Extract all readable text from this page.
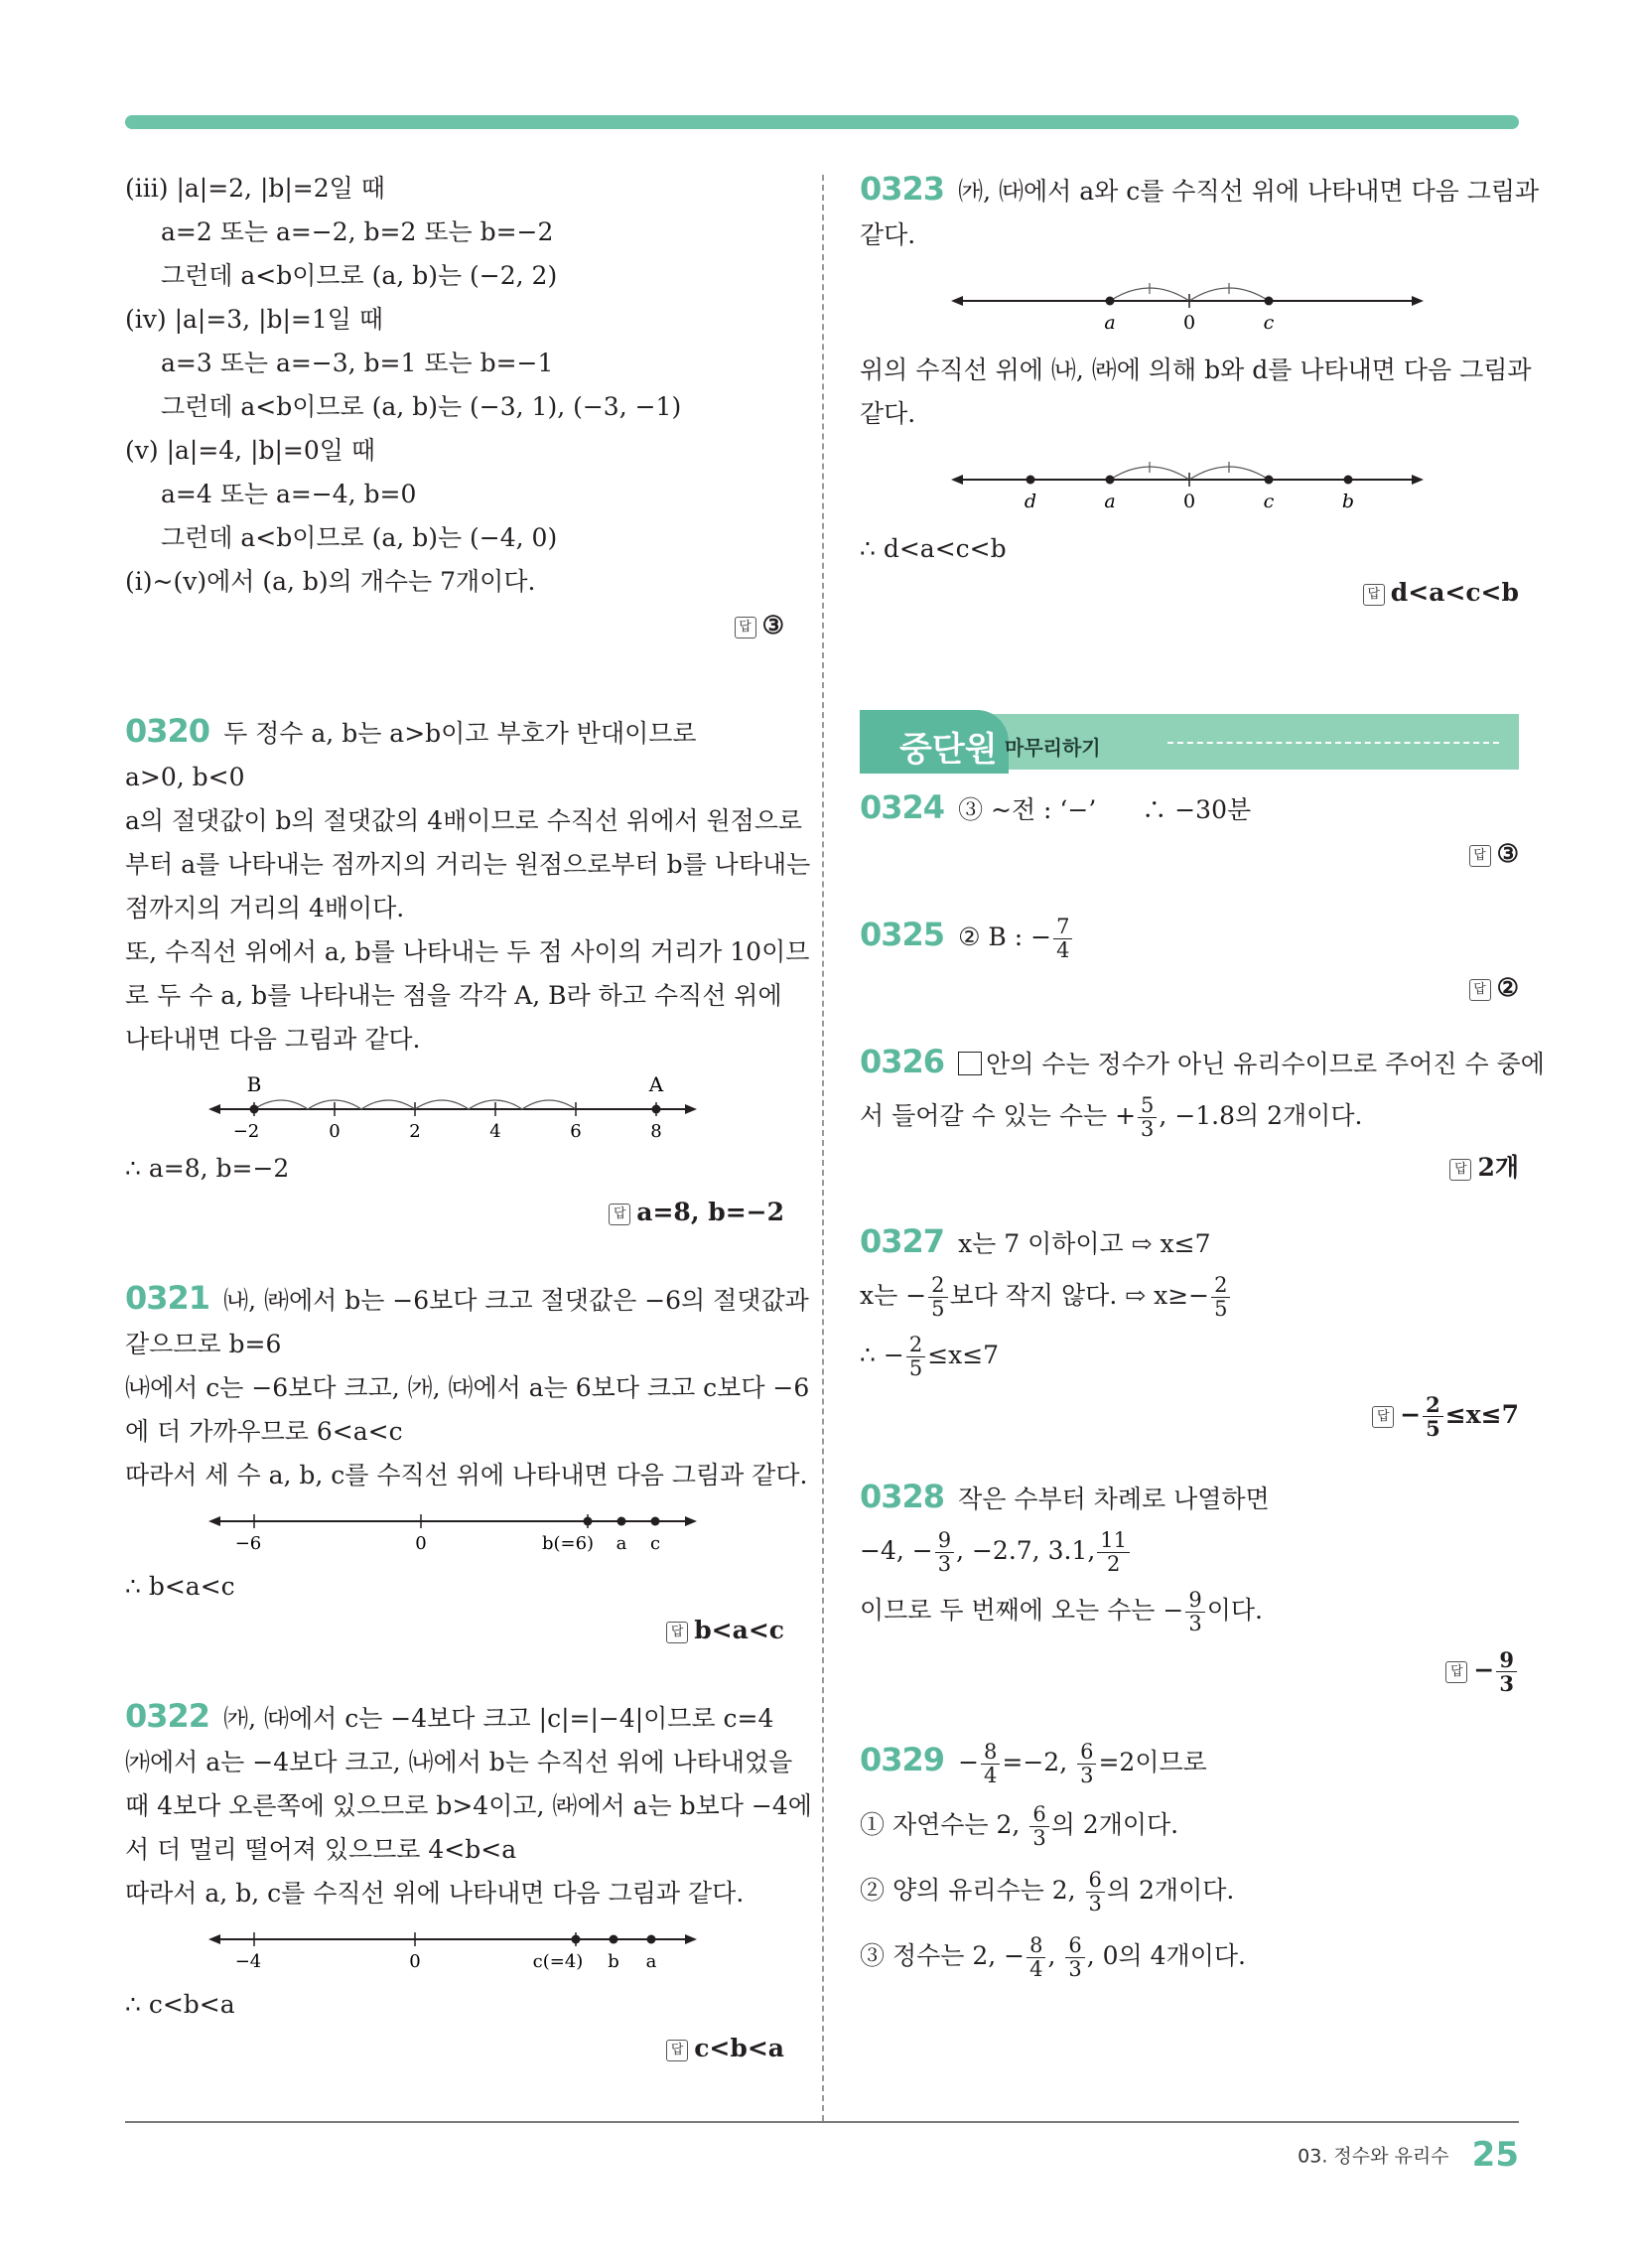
(iii) |a|=2, |b|=2일 때
a=2 또는 a=−2, b=2 또는 b=−2
그런데 a<b이므로 (a, b)는 (−2, 2)
(iv) |a|=3, |b|=1일 때
a=3 또는 a=−3, b=1 또는 b=−1
그런데 a<b이므로 (a, b)는 (−3, 1), (−3, −1)
(v) |a|=4, |b|=0일 때
a=4 또는 a=−4, b=0
그런데 a<b이므로 (a, b)는 (−4, 0)
(i)~(v)에서 (a, b)의 개수는 7개이다.
답 ③
0320 두 정수 a, b는 a>b이고 부호가 반대이므로
a>0, b<0
a의 절댓값이 b의 절댓값의 4배이므로 수직선 위에서 원점으로
부터 a를 나타내는 점까지의 거리는 원점으로부터 b를 나타내는
점까지의 거리의 4배이다.
또, 수직선 위에서 a, b를 나타내는 두 점 사이의 거리가 10이므
로 두 수 a, b를 나타내는 점을 각각 A, B라 하고 수직선 위에
나타내면 다음 그림과 같다.
B	A
−2	0	2	4	6	8
∴ a=8, b=−2
답 a=8, b=−2
0321 ㈏, ㈑에서 b는 −6보다 크고 절댓값은 −6의 절댓값과
같으므로 b=6
㈏에서 c는 −6보다 크고, ㈎, ㈐에서 a는 6보다 크고 c보다 −6
에 더 가까우므로 6<a<c
따라서 세 수 a, b, c를 수직선 위에 나타내면 다음 그림과 같다.
−6	0	b(=6) a c
∴ b<a<c
답 b<a<c
0322 ㈎, ㈐에서 c는 −4보다 크고 |c|=|−4|이므로 c=4
㈎에서 a는 −4보다 크고, ㈏에서 b는 수직선 위에 나타내었을
때 4보다 오른쪽에 있으므로 b>4이고, ㈑에서 a는 b보다 −4에
서 더 멀리 떨어져 있으므로 4<b<a
따라서 a, b, c를 수직선 위에 나타내면 다음 그림과 같다.
−4	0	c(=4) b a
∴ c<b<a
답 c<b<a
0323 ㈎, ㈐에서 a와 c를 수직선 위에 나타내면 다음 그림과
같다.
a	0	c
위의 수직선 위에 ㈏, ㈑에 의해 b와 d를 나타내면 다음 그림과
같다.
d	a	0	c	b
∴ d<a<c<b
답 d<a<c<b
중단원 마무리하기
0324 ③ ~전 : ‘−’ ∴ −30분
답 ③
0325 ② B : − $\frac{7}{4}$
답 ②
0326 안의 수는 정수가 아닌 유리수이므로 주어진 수 중에
서 들어갈 수 있는 수는 + $\frac{5}{3}$ , −1.8의 2개이다.
답 2개
0327 x는 7 이하이고 ⇨ x≤7
x는 − $\frac{2}{5}$ 보다 작지 않다. ⇨ $x\ge- \frac{2}{5}$
∴ − $\frac{2}{5} \le x\le 7$
답 − $\frac{2}{5} \le x\le 7$
0328 작은 수부터 차례로 나열하면
−4, − $\frac{9}{3}$ , −2.7, 3.1, $\frac{11}{2}$
이므로 두 번째에 오는 수는 − $\frac{9}{3}$ 이다.
답 − $\frac{9}{3}$
$0329 - \frac{8}{4} =-2$, $\frac{6}{3} =2$이므로
① 자연수는 2, $\frac{6}{3}$ 의 2개이다.
② 양의 유리수는 2, $\frac{6}{3}$ 의 2개이다.
③ 정수는 2, − $\frac{8}{4}$ , $\frac{6}{3}$ , 0의 4개이다.
03. 정수와 유리수 25
